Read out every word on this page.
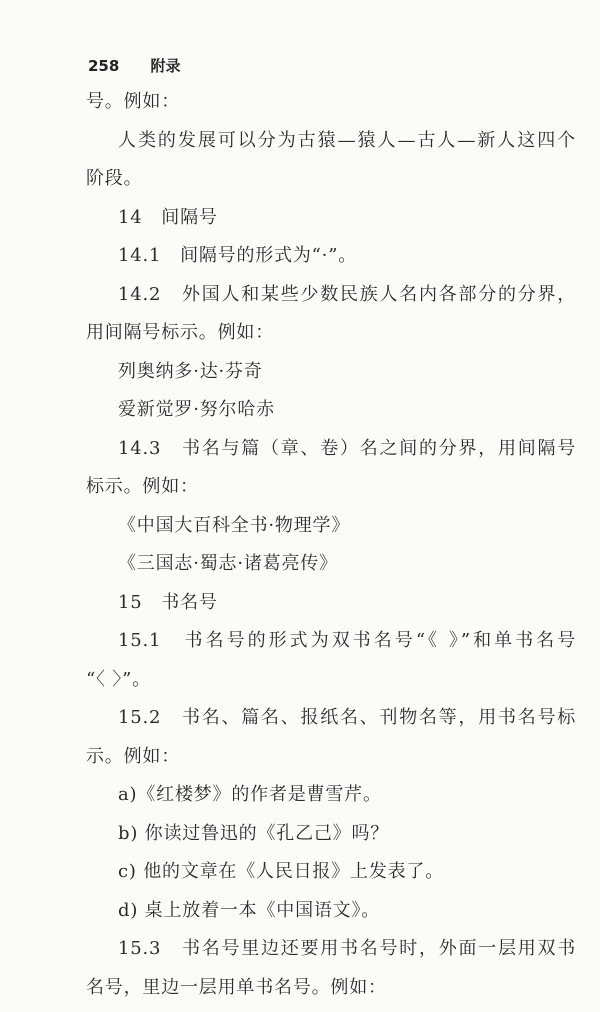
258 附录
号。例如：
人类的发展可以分为古猿—猿人—古人—新人这四个
阶段。
14　间隔号
14.1　间隔号的形式为“·”。
14.2　外国人和某些少数民族人名内各部分的分界，
用间隔号标示。例如：
列奥纳多·达·芬奇
爱新觉罗·努尔哈赤
14.3　书名与篇（章、卷）名之间的分界，用间隔号
标示。例如：
《中国大百科全书·物理学》
《三国志·蜀志·诸葛亮传》
15　书名号
15.1　书名号的形式为双书名号“《 》”和单书名号
“〈 〉”。
15.2　书名、篇名、报纸名、刊物名等，用书名号标
示。例如：
a)《红楼梦》的作者是曹雪芹。
b) 你读过鲁迅的《孔乙己》吗？
c) 他的文章在《人民日报》上发表了。
d) 桌上放着一本《中国语文》。
15.3　书名号里边还要用书名号时，外面一层用双书
名号，里边一层用单书名号。例如：
